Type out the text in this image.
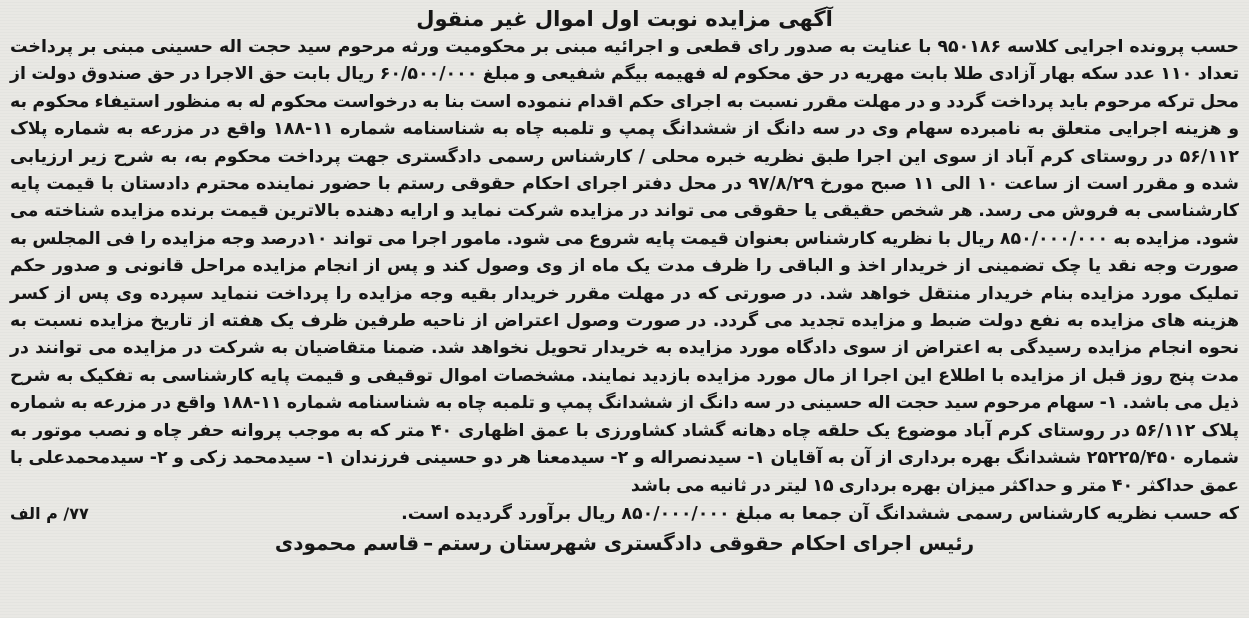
آگهی مزایده نوبت اول اموال غیر منقول

حسب پرونده اجرایی کلاسه ۹۵۰۱۸۶ با عنایت به صدور رای قطعی و اجرائیه مبنی بر محکومیت ورثه مرحوم سید حجت اله حسینی مبنی بر پرداخت تعداد ۱۱۰ عدد سکه بهار آزادی طلا بابت مهریه در حق محکوم له فهیمه بیگم شفیعی و مبلغ ۶۰/۵۰۰/۰۰۰ ریال بابت حق الاجرا در حق صندوق دولت از محل ترکه مرحوم باید پرداخت گردد و در مهلت مقرر نسبت به اجرای حکم اقدام ننموده است بنا به درخواست محکوم له به منظور استیفاء محکوم به و هزینه اجرایی متعلق به نامبرده سهام وی در سه دانگ از ششدانگ پمپ و تلمبه چاه به شناسنامه شماره ۱۱-۱۸۸ واقع در مزرعه به شماره پلاک ۵۶/۱۱۲ در روستای کرم آباد از سوی این اجرا طبق نظریه خبره محلی / کارشناس رسمی دادگستری جهت پرداخت محکوم به، به شرح زیر ارزیابی شده و مقرر است از ساعت ۱۰ الی ۱۱ صبح مورخ ۹۷/۸/۲۹ در محل دفتر اجرای احکام حقوقی رستم با حضور نماینده محترم دادستان با قیمت پایه کارشناسی به فروش می رسد. هر شخص حقیقی یا حقوقی می تواند در مزایده شرکت نماید و ارایه دهنده بالاترین قیمت برنده مزایده شناخته می شود. مزایده به ۸۵۰/۰۰۰/۰۰۰ ریال با نظریه کارشناس بعنوان قیمت پایه شروع می شود. مامور اجرا می تواند ۱۰درصد وجه مزایده را فی المجلس به صورت وجه نقد یا چک تضمینی از خریدار اخذ و الباقی را ظرف مدت یک ماه از وی وصول کند و پس از انجام مزایده مراحل قانونی و صدور حکم تملیک مورد مزایده بنام خریدار منتقل خواهد شد. در صورتی که در مهلت مقرر خریدار بقیه وجه مزایده را پرداخت ننماید سپرده وی پس از کسر هزینه های مزایده به نفع دولت ضبط و مزایده تجدید می گردد. در صورت وصول اعتراض از ناحیه طرفین ظرف یک هفته از تاریخ مزایده نسبت به نحوه انجام مزایده رسیدگی به اعتراض از سوی دادگاه مورد مزایده به خریدار تحویل نخواهد شد. ضمنا متقاضیان به شرکت در مزایده می توانند در مدت پنج روز قبل از مزایده با اطلاع این اجرا از مال مورد مزایده بازدید نمایند. مشخصات اموال توقیفی و قیمت پایه کارشناسی به تفکیک به شرح ذیل می باشد. ۱- سهام مرحوم سید حجت اله حسینی در سه دانگ از ششدانگ پمپ و تلمبه چاه به شناسنامه شماره ۱۱-۱۸۸ واقع در مزرعه به شماره پلاک ۵۶/۱۱۲ در روستای کرم آباد موضوع یک حلقه چاه دهانه گشاد کشاورزی با عمق اظهاری ۴۰ متر که به موجب پروانه حفر چاه و نصب موتور به شماره ۲۵۲۲۵/۴۵۰ ششدانگ بهره برداری از آن به آقایان ۱- سیدنصراله و ۲- سیدمعنا هر دو حسینی فرزندان ۱- سیدمحمد زکی و ۲- سیدمحمدعلی با عمق حداکثر ۴۰ متر و حداکثر میزان بهره برداری ۱۵ لیتر در ثانیه می باشد

که حسب نظریه کارشناس رسمی ششدانگ آن جمعا به مبلغ ۸۵۰/۰۰۰/۰۰۰ ریال برآورد گردیده است.
۷۷/ م الف
رئیس اجرای احکام حقوقی دادگستری شهرستان رستم–قاسم محمودی
